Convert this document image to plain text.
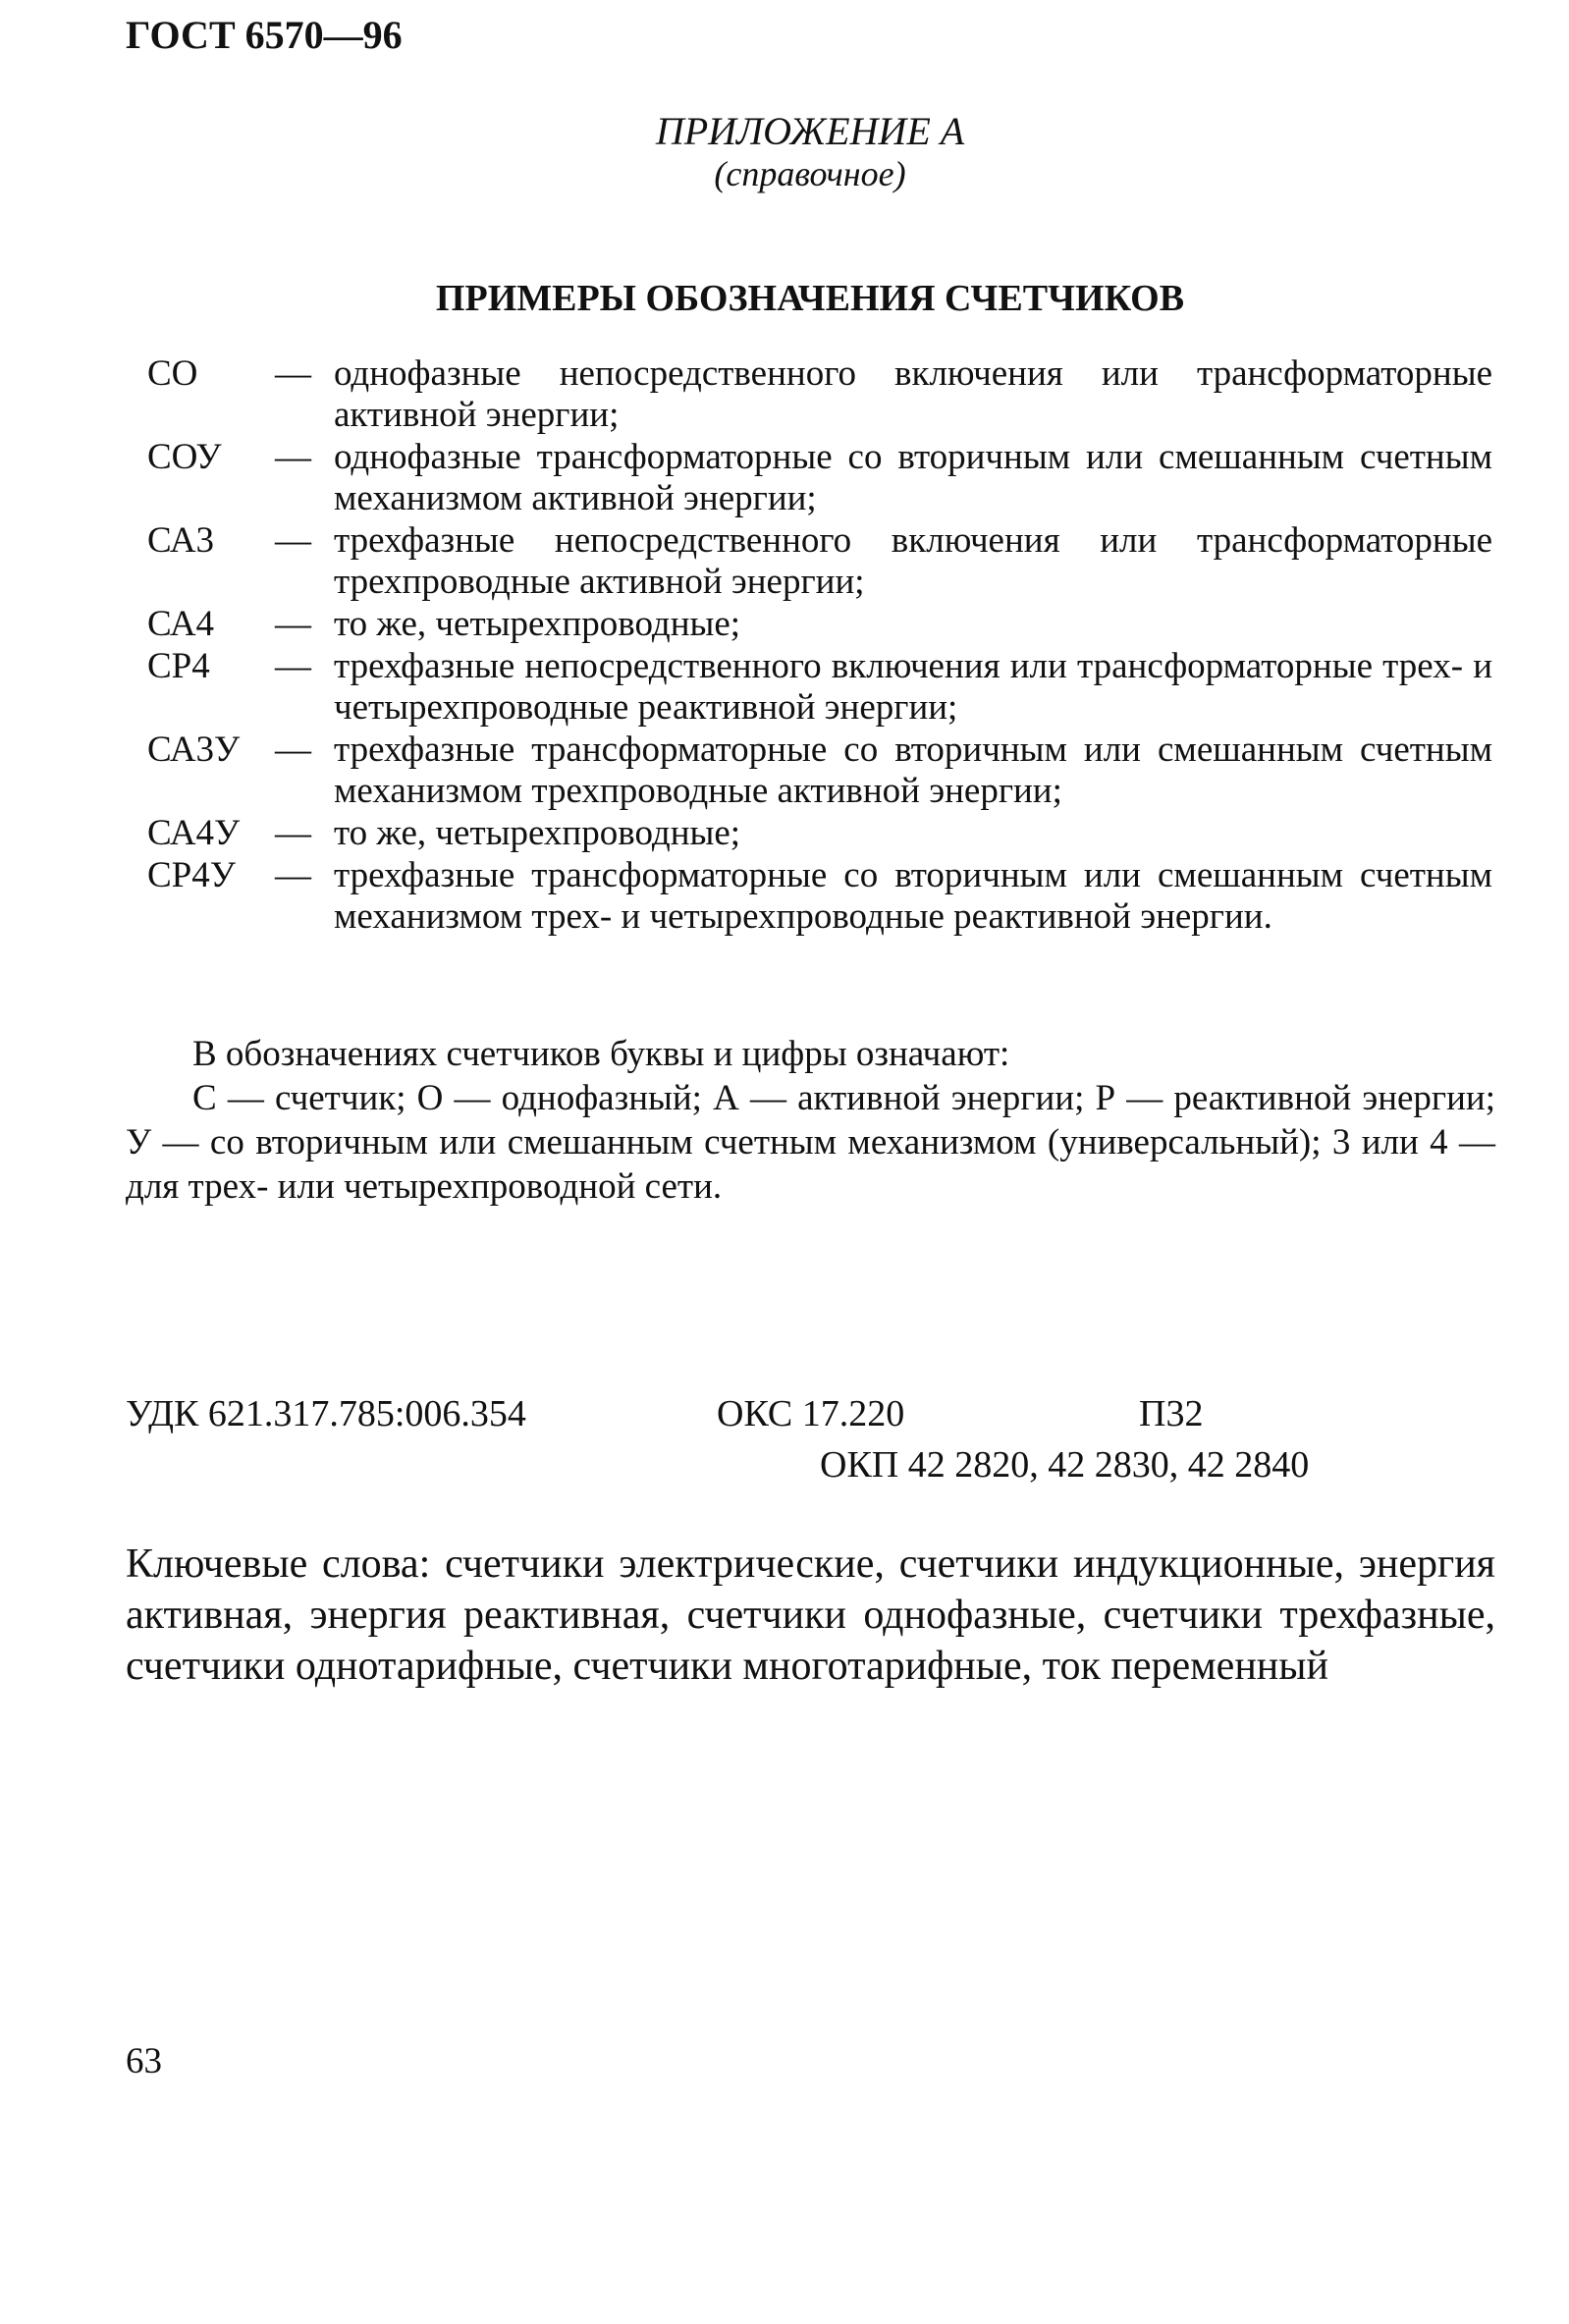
ГОСТ 6570—96
ПРИЛОЖЕНИЕ А
(справочное)
ПРИМЕРЫ ОБОЗНАЧЕНИЯ СЧЕТЧИКОВ
СО	— однофазные непосредственного включения или трансформаторные активной энергии;
СОУ	— однофазные трансформаторные со вторичным или смешанным счетным механизмом активной энергии;
СА3	— трехфазные непосредственного включения или трансформаторные трехпроводные активной энергии;
СА4	— то же, четырехпроводные;
СР4	— трехфазные непосредственного включения или трансформаторные трех- и четырехпроводные реактивной энергии;
СА3У — трехфазные трансформаторные со вторичным или смешанным счетным механизмом трехпроводные активной энергии;
СА4У — то же, четырехпроводные;
СР4У	— трехфазные трансформаторные со вторичным или смешанным счетным механизмом трех- и четырехпроводные реактивной энергии.
В обозначениях счетчиков буквы и цифры означают:
С — счетчик; О — однофазный; А — активной энергии; Р — реактивной энергии; У — со вторичным или смешанным счетным механизмом (универсальный); 3 или 4 — для трех- или четырехпроводной сети.
УДК 621.317.785:006.354	ОКС 17.220	П32
ОКП 42 2820, 42 2830, 42 2840
Ключевые слова: счетчики электрические, счетчики индукционные, энергия активная, энергия реактивная, счетчики однофазные, счетчики трехфазные, счетчики однотарифные, счетчики многотарифные, ток переменный
63
